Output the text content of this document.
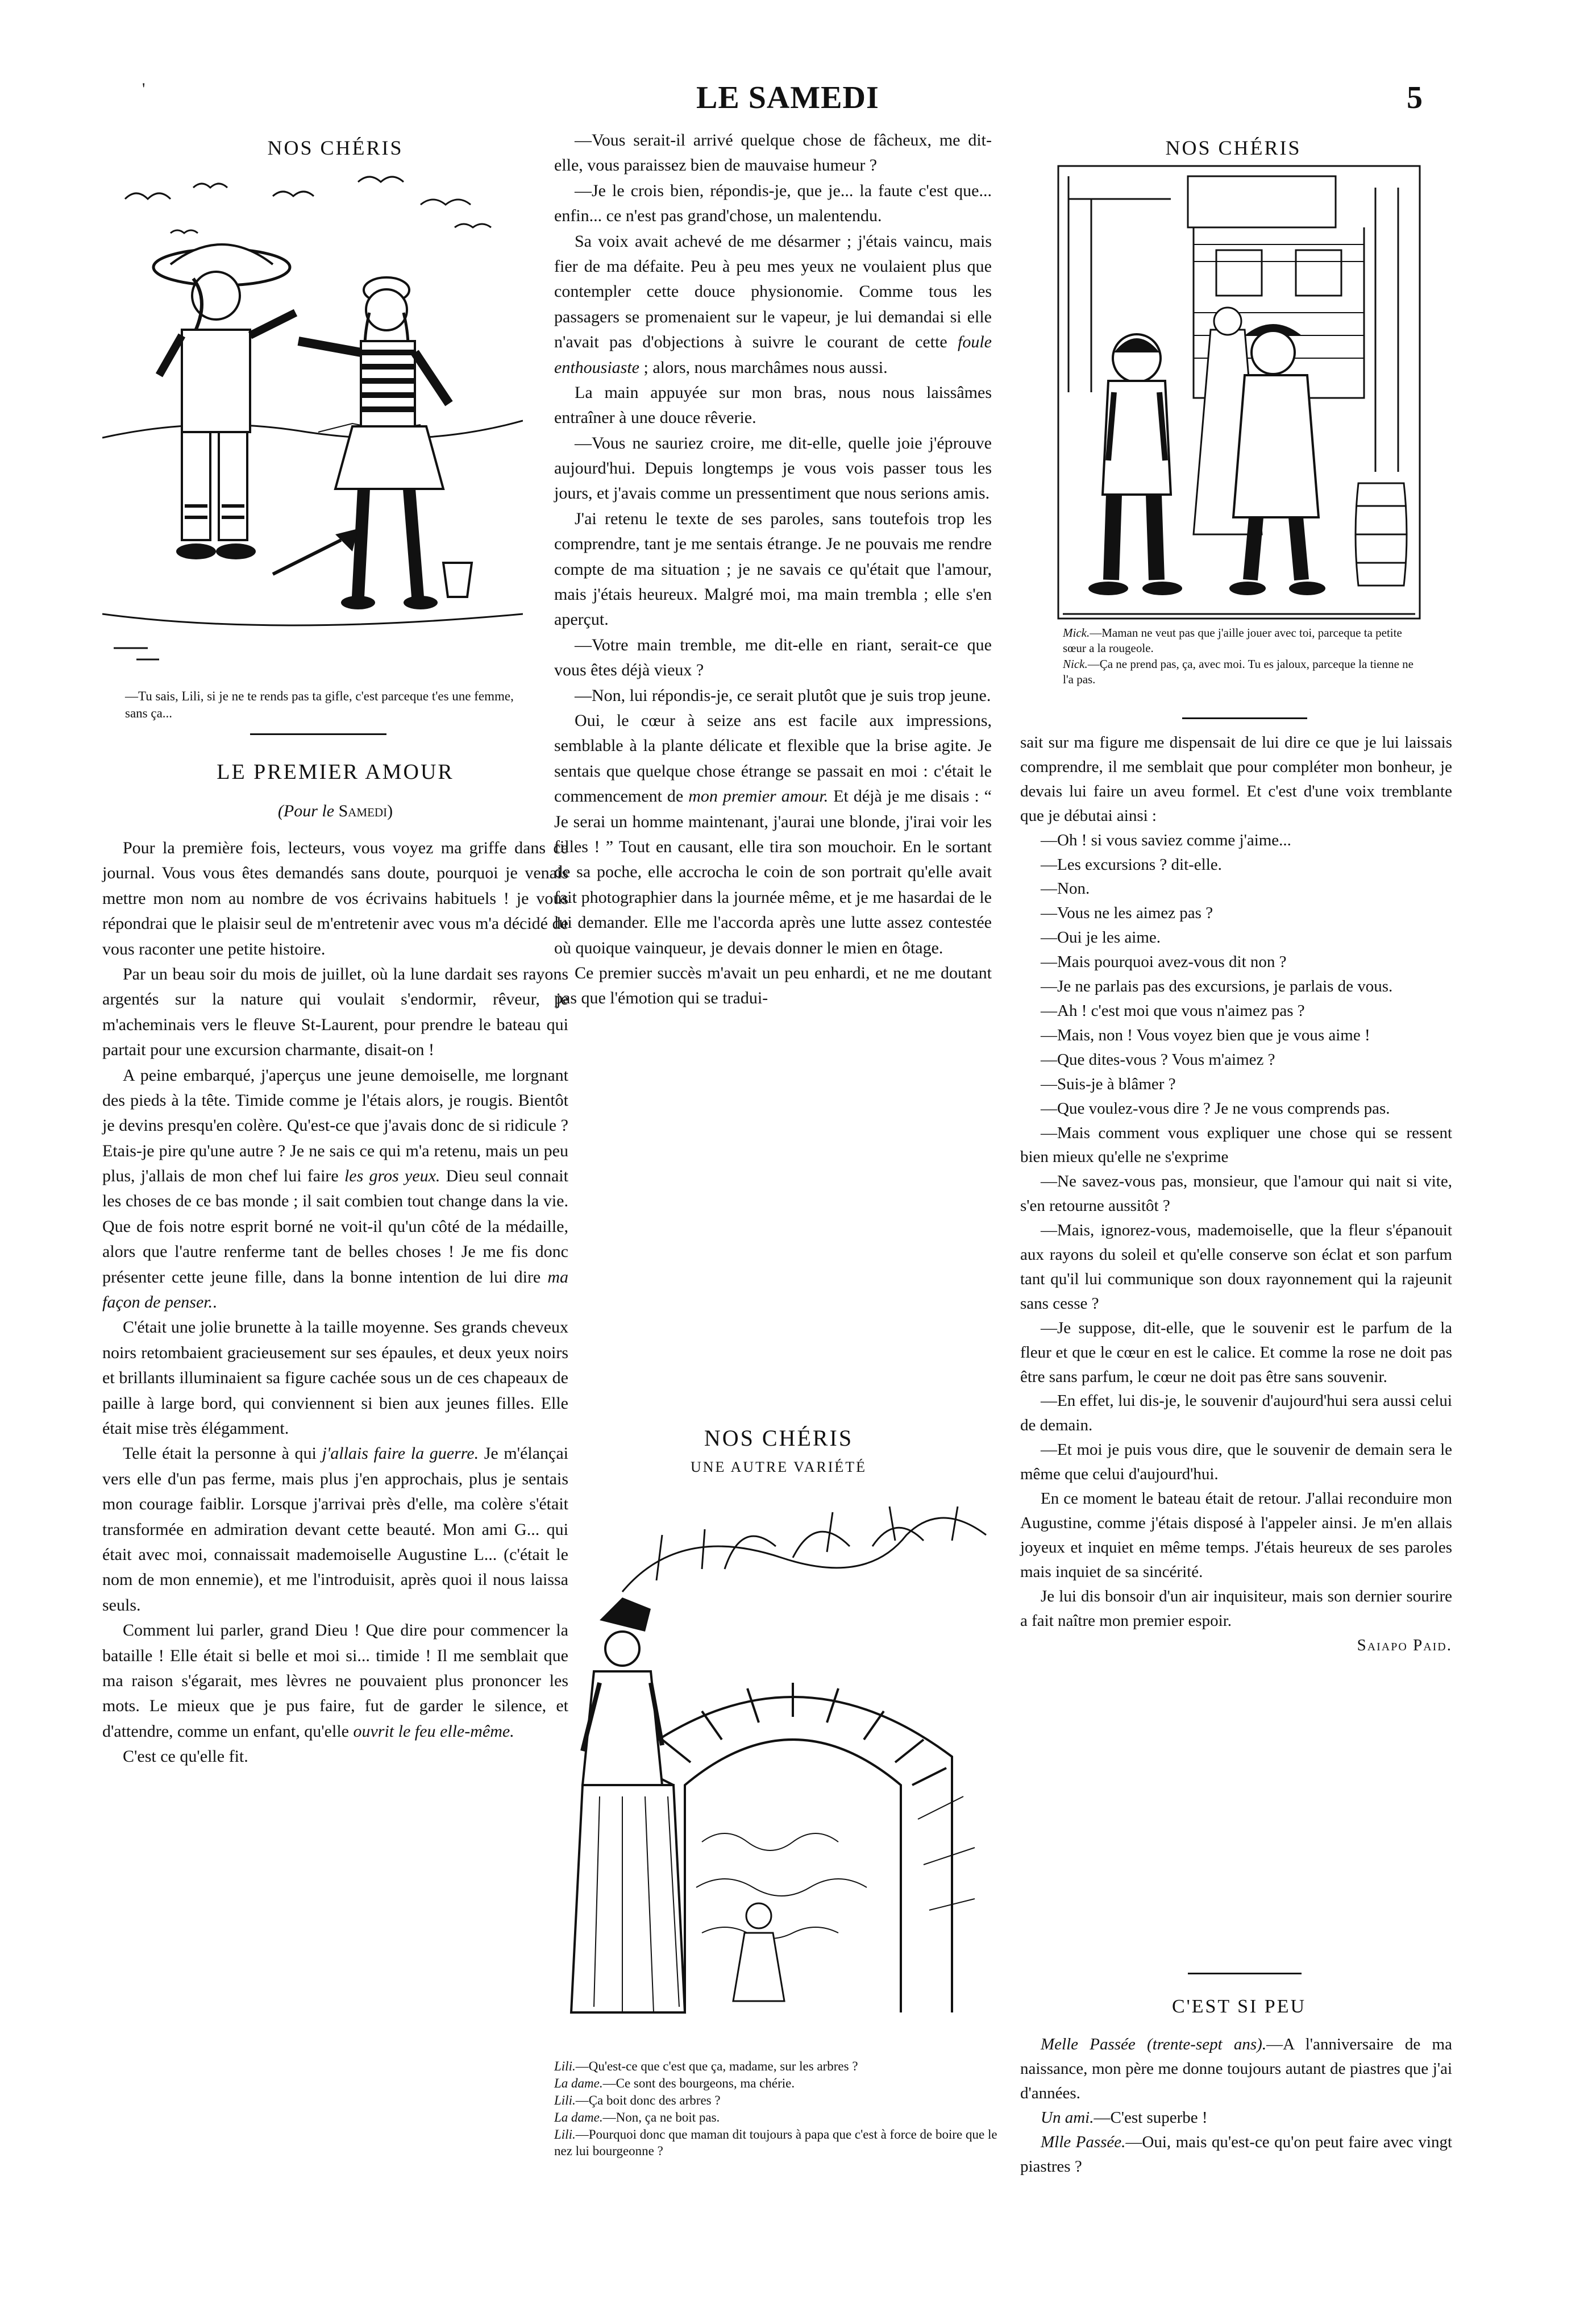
'	LE SAMEDI	5
NOS CHÉRIS
—Tu sais, Lili, si je ne te rends pas ta gifle, c'est parceque t'es une femme, sans ça...
LE PREMIER AMOUR
(Pour le Samedi)

Pour la première fois, lecteurs, vous voyez ma griffe dans ce journal. Vous vous êtes demandés sans doute, pourquoi je venais mettre mon nom au nombre de vos écrivains habituels ! je vous répondrai que le plaisir seul de m'entretenir avec vous m'a décidé de vous raconter une petite histoire.

Par un beau soir du mois de juillet, où la lune dardait ses rayons argentés sur la nature qui voulait s'endormir, rêveur, je m'acheminais vers le fleuve St-Laurent, pour prendre le bateau qui partait pour une excursion charmante, disait-on !

A peine embarqué, j'aperçus une jeune demoiselle, me lorgnant des pieds à la tête. Timide comme je l'étais alors, je rougis. Bientôt je devins presqu'en colère. Qu'est-ce que j'avais donc de si ridicule ? Etais-je pire qu'une autre ? Je ne sais ce qui m'a retenu, mais un peu plus, j'allais de mon chef lui faire les gros yeux. Dieu seul connait les choses de ce bas monde ; il sait combien tout change dans la vie. Que de fois notre esprit borné ne voit-il qu'un côté de la médaille, alors que l'autre renferme tant de belles choses ! Je me fis donc présenter cette jeune fille, dans la bonne intention de lui dire ma façon de penser..

C'était une jolie brunette à la taille moyenne. Ses grands cheveux noirs retombaient gracieusement sur ses épaules, et deux yeux noirs et brillants illuminaient sa figure cachée sous un de ces chapeaux de paille à large bord, qui conviennent si bien aux jeunes filles. Elle était mise très élégamment.

Telle était la personne à qui j'allais faire la guerre. Je m'élançai vers elle d'un pas ferme, mais plus j'en approchais, plus je sentais mon courage faiblir. Lorsque j'arrivai près d'elle, ma colère s'était transformée en admiration devant cette beauté. Mon ami G... qui était avec moi, connaissait mademoiselle Augustine L... (c'était le nom de mon ennemie), et me l'introduisit, après quoi il nous laissa seuls.

Comment lui parler, grand Dieu ! Que dire pour commencer la bataille ! Elle était si belle et moi si... timide ! Il me semblait que ma raison s'égarait, mes lèvres ne pouvaient plus prononcer les mots. Le mieux que je pus faire, fut de garder le silence, et d'attendre, comme un enfant, qu'elle ouvrit le feu elle-même.

C'est ce qu'elle fit.

—Vous serait-il arrivé quelque chose de fâcheux, me dit-elle, vous paraissez bien de mauvaise humeur ?

—Je le crois bien, répondis-je, que je... la faute c'est que... enfin... ce n'est pas grand'chose, un malentendu.

Sa voix avait achevé de me désarmer ; j'étais vaincu, mais fier de ma défaite. Peu à peu mes yeux ne voulaient plus que contempler cette douce physionomie. Comme tous les passagers se promenaient sur le vapeur, je lui demandai si elle n'avait pas d'objections à suivre le courant de cette foule enthousiaste ; alors, nous marchâmes nous aussi.

La main appuyée sur mon bras, nous nous laissâmes entraîner à une douce rêverie.

—Vous ne sauriez croire, me dit-elle, quelle joie j'éprouve aujourd'hui. Depuis longtemps je vous vois passer tous les jours, et j'avais comme un pressentiment que nous serions amis.

J'ai retenu le texte de ses paroles, sans toutefois trop les comprendre, tant je me sentais étrange. Je ne pouvais me rendre compte de ma situation ; je ne savais ce qu'était que l'amour, mais j'étais heureux. Malgré moi, ma main trembla ; elle s'en aperçut.

—Votre main tremble, me dit-elle en riant, serait-ce que vous êtes déjà vieux ?

—Non, lui répondis-je, ce serait plutôt que je suis trop jeune.

Oui, le cœur à seize ans est facile aux impressions, semblable à la plante délicate et flexible que la brise agite. Je sentais que quelque chose étrange se passait en moi : c'était le commencement de mon premier amour. Et déjà je me disais : “ Je serai un homme maintenant, j'aurai une blonde, j'irai voir les filles ! ” Tout en causant, elle tira son mouchoir. En le sortant de sa poche, elle accrocha le coin de son portrait qu'elle avait fait photographier dans la journée même, et je me hasardai de le lui demander. Elle me l'accorda après une lutte assez contestée où quoique vainqueur, je devais donner le mien en ôtage.

Ce premier succès m'avait un peu enhardi, et ne me doutant pas que l'émotion qui se tradui-

NOS CHÉRIS
UNE AUTRE VARIÉTÉ

Lili.—Qu'est-ce que c'est que ça, madame, sur les arbres ?

La dame.—Ce sont des bourgeons, ma chérie.

Lili.—Ça boit donc des arbres ?

La dame.—Non, ça ne boit pas.

Lili.—Pourquoi donc que maman dit toujours à papa que c'est à force de boire que le nez lui bourgeonne ?

NOS CHÉRIS

Mick.—Maman ne veut pas que j'aille jouer avec toi, parceque ta petite sœur a la rougeole.

Nick.—Ça ne prend pas, ça, avec moi. Tu es jaloux, parceque la tienne ne l'a pas.

sait sur ma figure me dispensait de lui dire ce que je lui laissais comprendre, il me semblait que pour compléter mon bonheur, je devais lui faire un aveu formel. Et c'est d'une voix tremblante que je débutai ainsi :

—Oh ! si vous saviez comme j'aime...

—Les excursions ? dit-elle.

—Non.

—Vous ne les aimez pas ?

—Oui je les aime.

—Mais pourquoi avez-vous dit non ?

—Je ne parlais pas des excursions, je parlais de vous.

—Ah ! c'est moi que vous n'aimez pas ?

—Mais, non ! Vous voyez bien que je vous aime !

—Que dites-vous ? Vous m'aimez ?

—Suis-je à blâmer ?

—Que voulez-vous dire ? Je ne vous comprends pas.

—Mais comment vous expliquer une chose qui se ressent bien mieux qu'elle ne s'exprime

—Ne savez-vous pas, monsieur, que l'amour qui nait si vite, s'en retourne aussitôt ?

—Mais, ignorez-vous, mademoiselle, que la fleur s'épanouit aux rayons du soleil et qu'elle conserve son éclat et son parfum tant qu'il lui communique son doux rayonnement qui la rajeunit sans cesse ?

—Je suppose, dit-elle, que le souvenir est le parfum de la fleur et que le cœur en est le calice. Et comme la rose ne doit pas être sans parfum, le cœur ne doit pas être sans souvenir.

—En effet, lui dis-je, le souvenir d'aujourd'hui sera aussi celui de demain.

—Et moi je puis vous dire, que le souvenir de demain sera le même que celui d'aujourd'hui.

En ce moment le bateau était de retour. J'allai reconduire mon Augustine, comme j'étais disposé à l'appeler ainsi. Je m'en allais joyeux et inquiet en même temps. J'étais heureux de ses paroles mais inquiet de sa sincérité.

Je lui dis bonsoir d'un air inquisiteur, mais son dernier sourire a fait naître mon premier espoir.

Saiapo Paid.

C'EST SI PEU

Melle Passée (trente-sept ans).—A l'anniversaire de ma naissance, mon père me donne toujours autant de piastres que j'ai d'années.

Un ami.—C'est superbe !

Mlle Passée.—Oui, mais qu'est-ce qu'on peut faire avec vingt piastres ?
